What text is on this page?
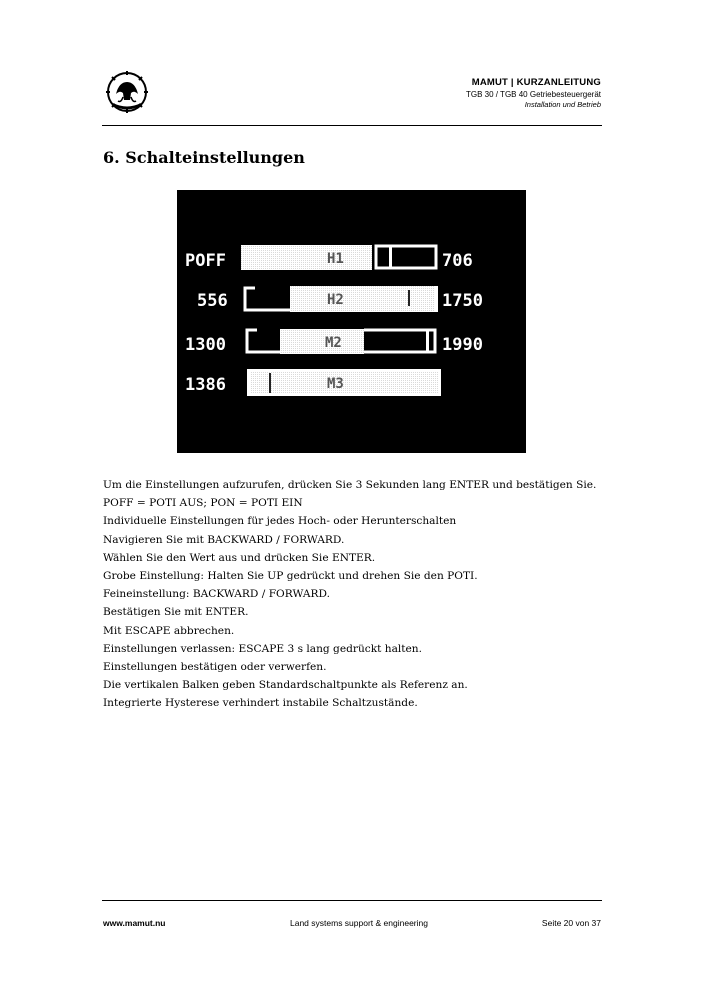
MAMUT | KURZANLEITUNG
TGB 30 / TGB 40 Getriebesteuergerät
Installation und Betrieb
6. Schalteinstellungen
POFF	H1	706
556	H2	1750
1300	M2	1990
1386	M3
Um die Einstellungen aufzurufen, drücken Sie 3 Sekunden lang ENTER und bestätigen Sie.
POFF = POTI AUS; PON = POTI EIN
Individuelle Einstellungen für jedes Hoch- oder Herunterschalten
Navigieren Sie mit BACKWARD / FORWARD.
Wählen Sie den Wert aus und drücken Sie ENTER.
Grobe Einstellung: Halten Sie UP gedrückt und drehen Sie den POTI.
Feineinstellung: BACKWARD / FORWARD.
Bestätigen Sie mit ENTER.
Mit ESCAPE abbrechen.
Einstellungen verlassen: ESCAPE 3 s lang gedrückt halten.
Einstellungen bestätigen oder verwerfen.
Die vertikalen Balken geben Standardschaltpunkte als Referenz an.
Integrierte Hysterese verhindert instabile Schaltzustände.
www.mamut.nu	Land systems support & engineering	Seite 20 von 37
